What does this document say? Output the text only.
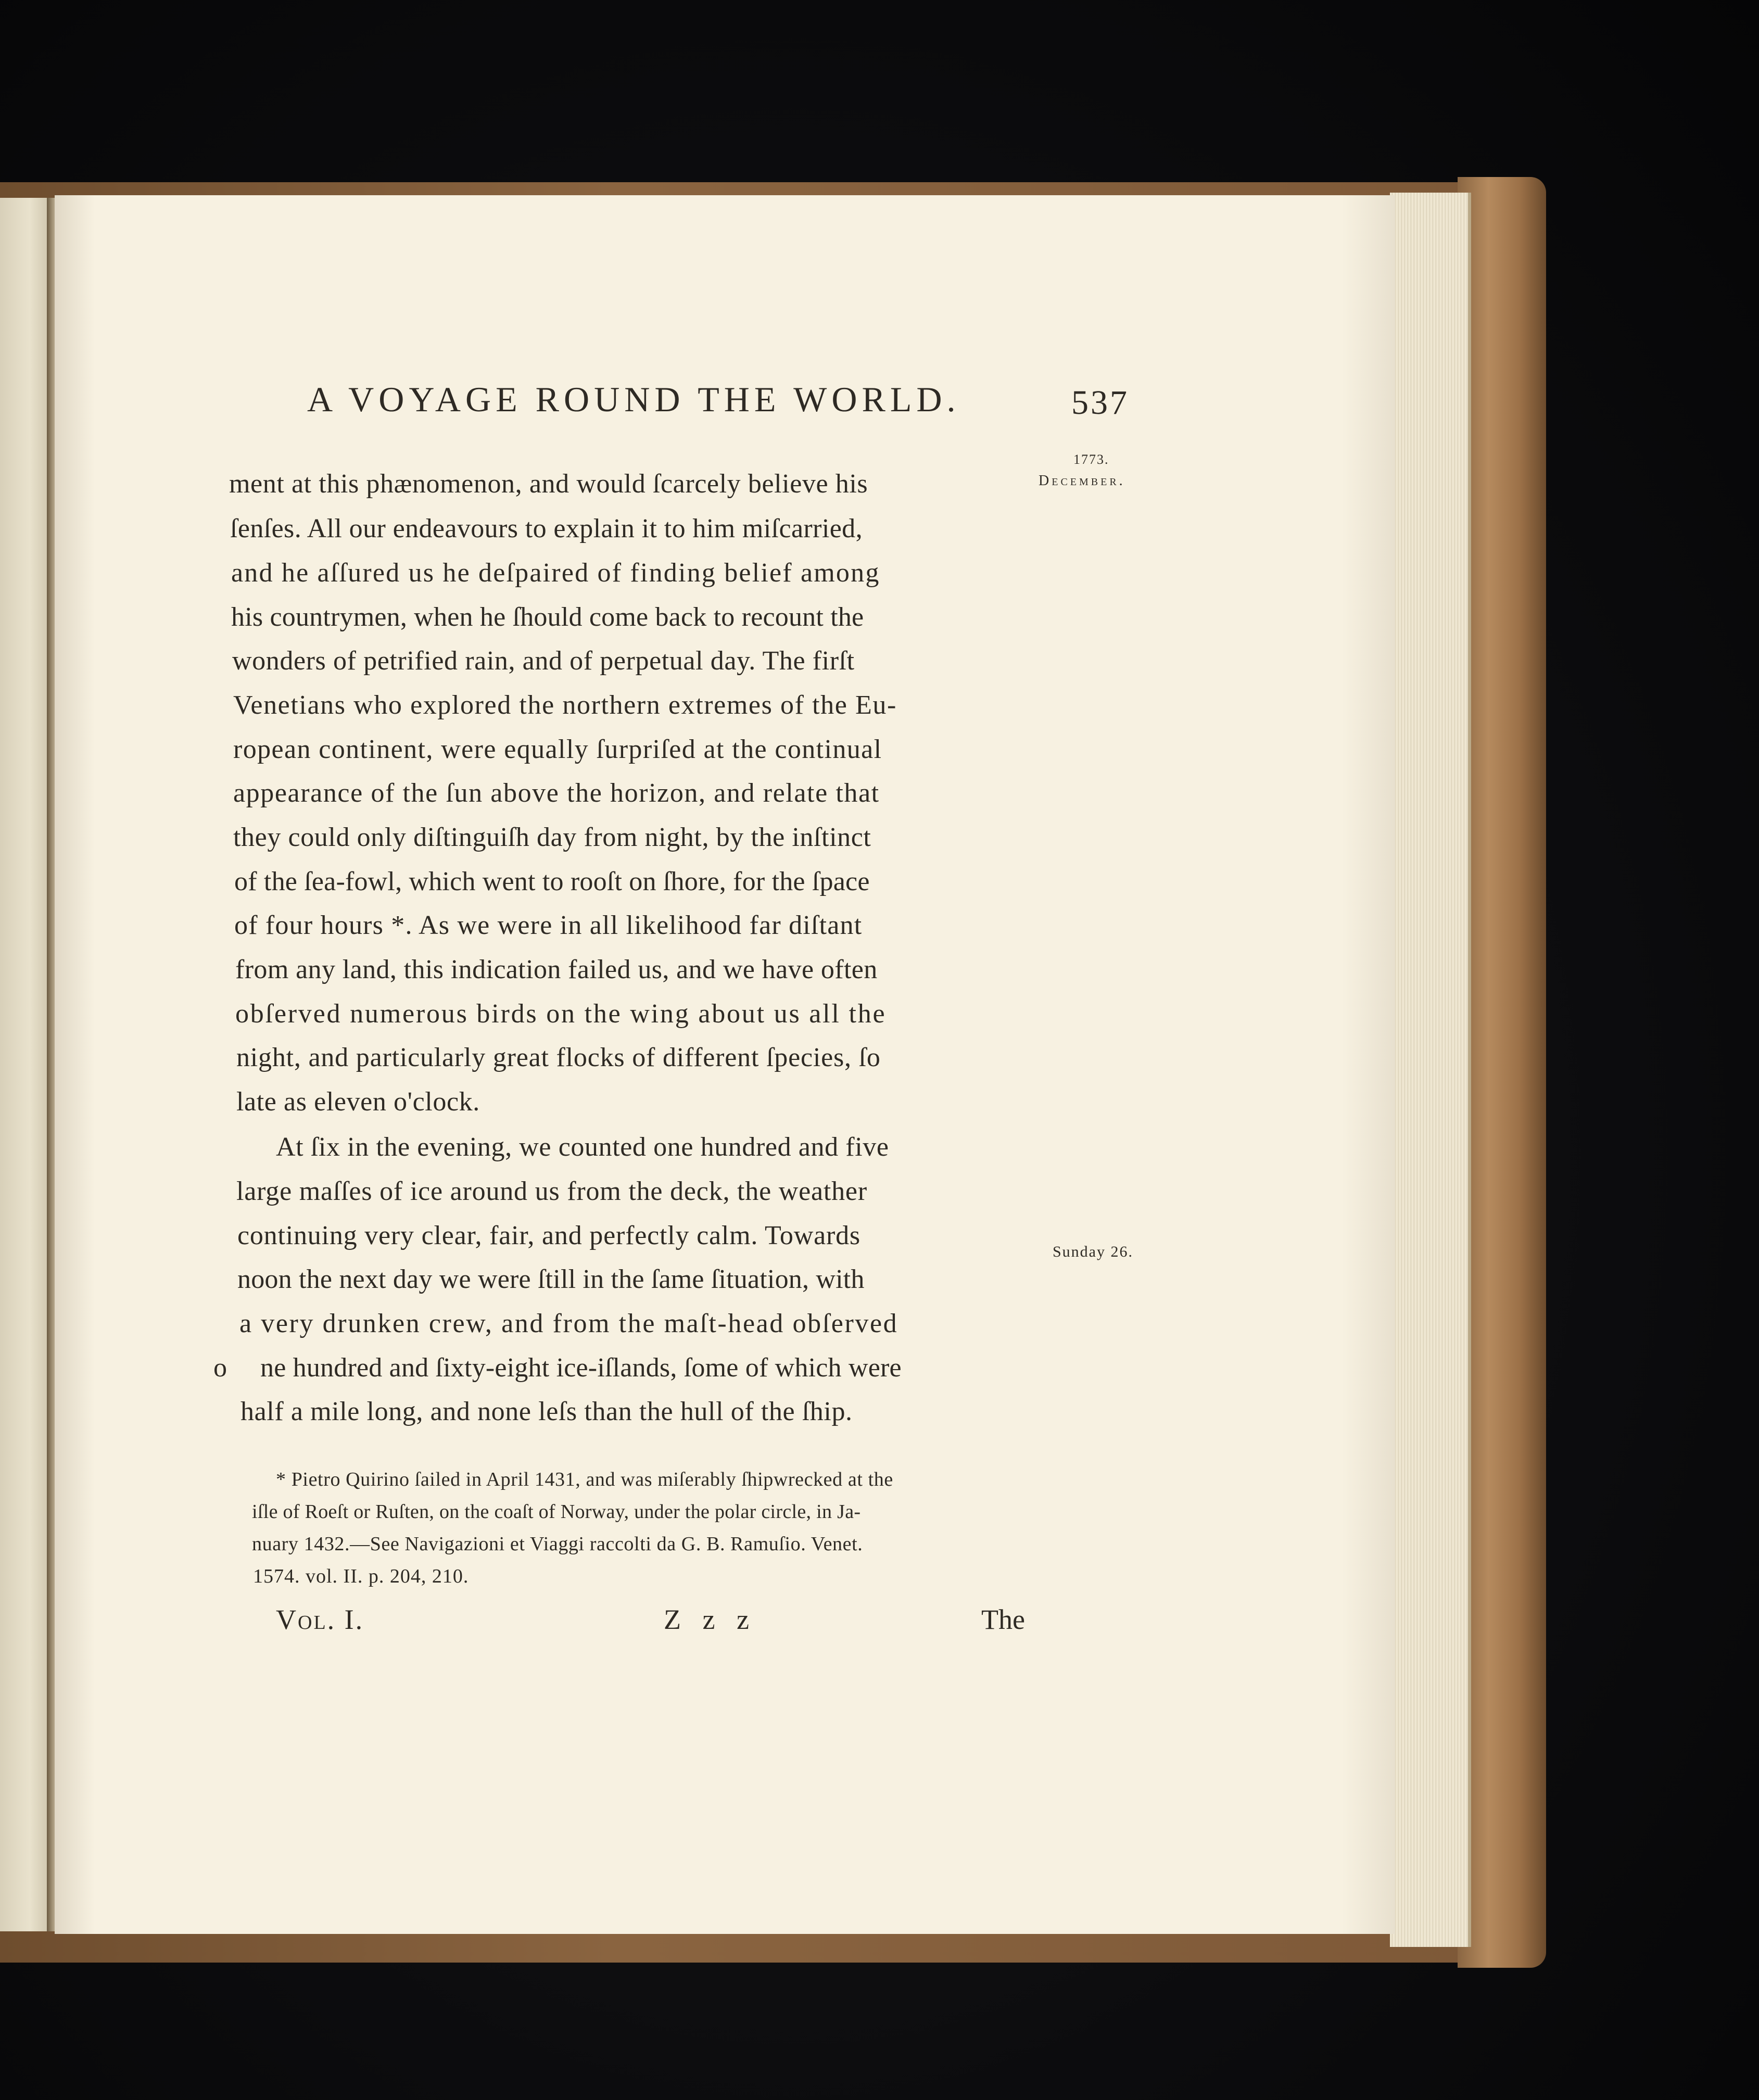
A VOYAGE ROUND THE WORLD.	537
1773.
December.
Sunday 26.
ment at this phænomenon, and would ſcarcely believe his
ſenſes. All our endeavours to explain it to him miſcarried,
and he aſſured us he deſpaired of finding belief among
his countrymen, when he ſhould come back to recount the
wonders of petrified rain, and of perpetual day. The firſt
Venetians who explored the northern extremes of the Eu-
ropean continent, were equally ſurpriſed at the continual
appearance of the ſun above the horizon, and relate that
they could only diſtinguiſh day from night, by the inſtinct
of the ſea-fowl, which went to rooſt on ſhore, for the ſpace
of four hours *. As we were in all likelihood far diſtant
from any land, this indication failed us, and we have often
obſerved numerous birds on the wing about us all the
night, and particularly great flocks of different ſpecies, ſo
late as eleven o'clock.
At ſix in the evening, we counted one hundred and five
large maſſes of ice around us from the deck, the weather
continuing very clear, fair, and perfectly calm. Towards
noon the next day we were ſtill in the ſame ſituation, with
a very drunken crew, and from the maſt-head obſerved
ne hundred and ſixty-eight ice-iſlands, ſome of which were
half a mile long, and none leſs than the hull of the ſhip.
o
* Pietro Quirino ſailed in April 1431, and was miſerably ſhipwrecked at the
iſle of Roeſt or Ruſten, on the coaſt of Norway, under the polar circle, in Ja-
nuary 1432.—See Navigazioni et Viaggi raccolti da G. B. Ramuſio. Venet.
1574. vol. II. p. 204, 210.
Vol. I.	Z z z	The
